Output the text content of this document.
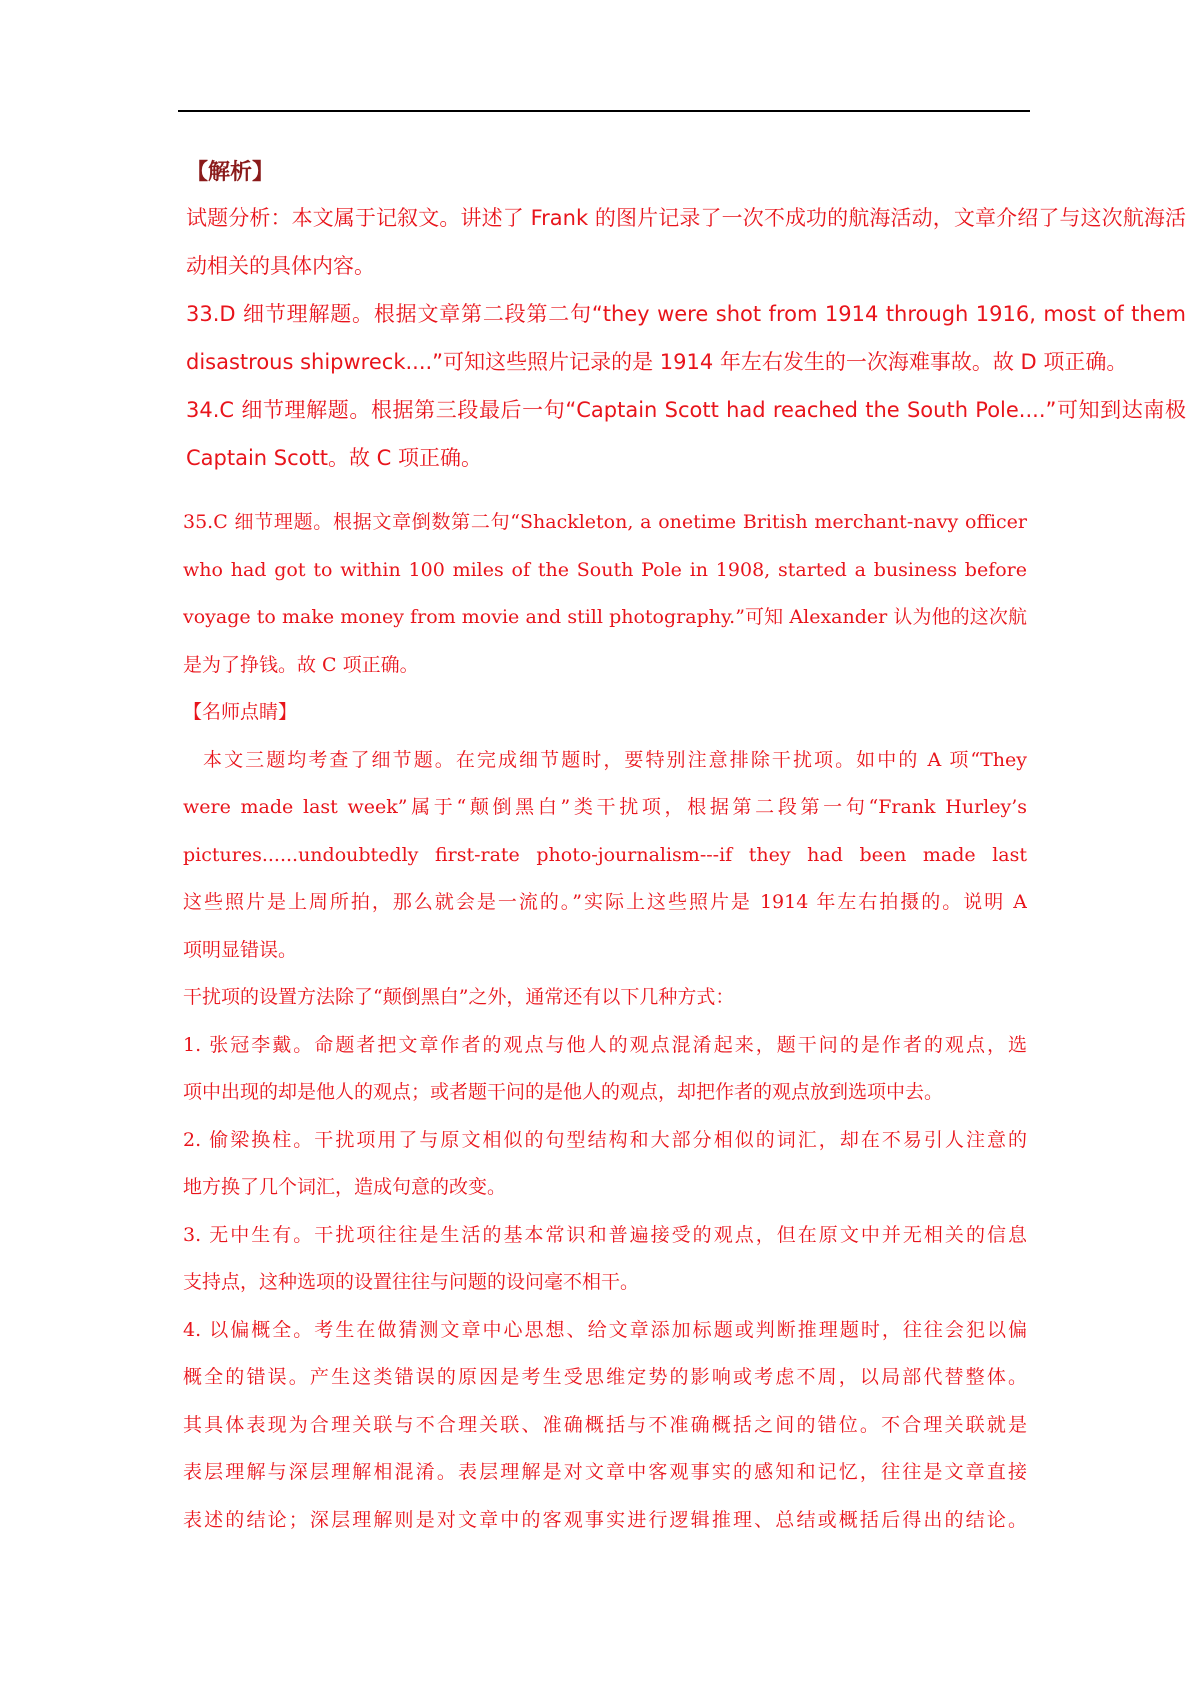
【解析】
试题分析：本文属于记叙文。讲述了 Frank 的图片记录了一次不成功的航海活动，文章介绍了与这次航海活
动相关的具体内容。
33.D 细节理解题。根据文章第二段第二句“they were shot from 1914 through 1916, most of them
disastrous shipwreck....”可知这些照片记录的是 1914 年左右发生的一次海难事故。故 D 项正确。
34.C 细节理解题。根据第三段最后一句“Captain Scott had reached the South Pole....”可知到达南极
Captain Scott。故 C 项正确。
35.C 细节理题。根据文章倒数第二句“Shackleton, a onetime British merchant-navy officer
who had got to within 100 miles of the South Pole in 1908, started a business before
voyage to make money from movie and still photography.”可知 Alexander 认为他的这次航
是为了挣钱。故 C 项正确。
【名师点睛】
本文三题均考查了细节题。在完成细节题时，要特别注意排除干扰项。如中的 A 项“They
were made last week”属于“颠倒黑白”类干扰项，根据第二段第一句“Frank Hurley’s
pictures......undoubtedly first-rate photo-journalism---if they had been made last
这些照片是上周所拍，那么就会是一流的。”实际上这些照片是 1914 年左右拍摄的。说明 A
项明显错误。
干扰项的设置方法除了“颠倒黑白”之外，通常还有以下几种方式：
1. 张冠李戴。命题者把文章作者的观点与他人的观点混淆起来，题干问的是作者的观点，选
项中出现的却是他人的观点；或者题干问的是他人的观点，却把作者的观点放到选项中去。
2. 偷梁换柱。干扰项用了与原文相似的句型结构和大部分相似的词汇，却在不易引人注意的
地方换了几个词汇，造成句意的改变。
3. 无中生有。干扰项往往是生活的基本常识和普遍接受的观点，但在原文中并无相关的信息
支持点，这种选项的设置往往与问题的设问毫不相干。
4. 以偏概全。考生在做猜测文章中心思想、给文章添加标题或判断推理题时，往往会犯以偏
概全的错误。产生这类错误的原因是考生受思维定势的影响或考虑不周，以局部代替整体。
其具体表现为合理关联与不合理关联、准确概括与不准确概括之间的错位。不合理关联就是
表层理解与深层理解相混淆。表层理解是对文章中客观事实的感知和记忆，往往是文章直接
表述的结论；深层理解则是对文章中的客观事实进行逻辑推理、总结或概括后得出的结论。
